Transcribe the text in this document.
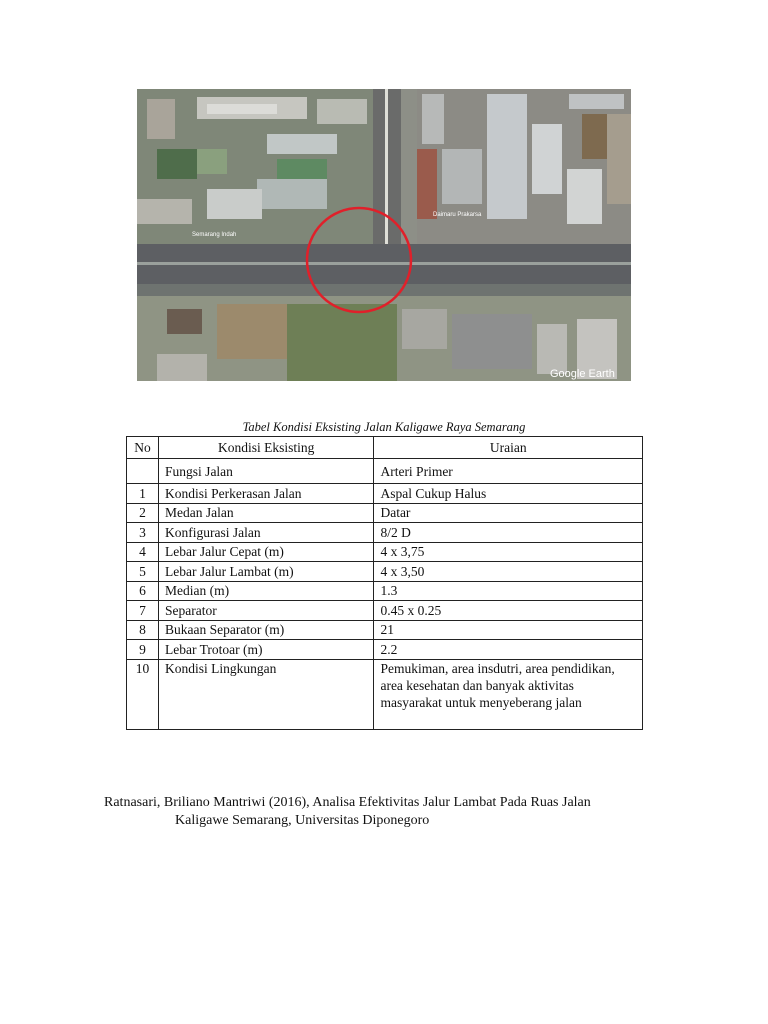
Daimaru Prakarsa
Semarang Indah
Google Earth
Tabel Kondisi Eksisting Jalan Kaligawe Raya Semarang
No	Kondisi Eksisting	Uraian
	Fungsi Jalan	Arteri Primer
1	Kondisi Perkerasan Jalan	Aspal Cukup Halus
2	Medan Jalan	Datar
3	Konfigurasi Jalan	8/2 D
4	Lebar Jalur Cepat (m)	4 x 3,75
5	Lebar Jalur Lambat (m)	4 x 3,50
6	Median (m)	1.3
7	Separator	0.45 x 0.25
8	Bukaan Separator (m)	21
9	Lebar Trotoar (m)	2.2
10	Kondisi Lingkungan	Pemukiman, area insdutri, area pendidikan, area kesehatan dan banyak aktivitas masyarakat untuk menyeberang jalan
Ratnasari, Briliano Mantriwi (2016), Analisa Efektivitas Jalur Lambat Pada Ruas Jalan
Kaligawe Semarang, Universitas Diponegoro
